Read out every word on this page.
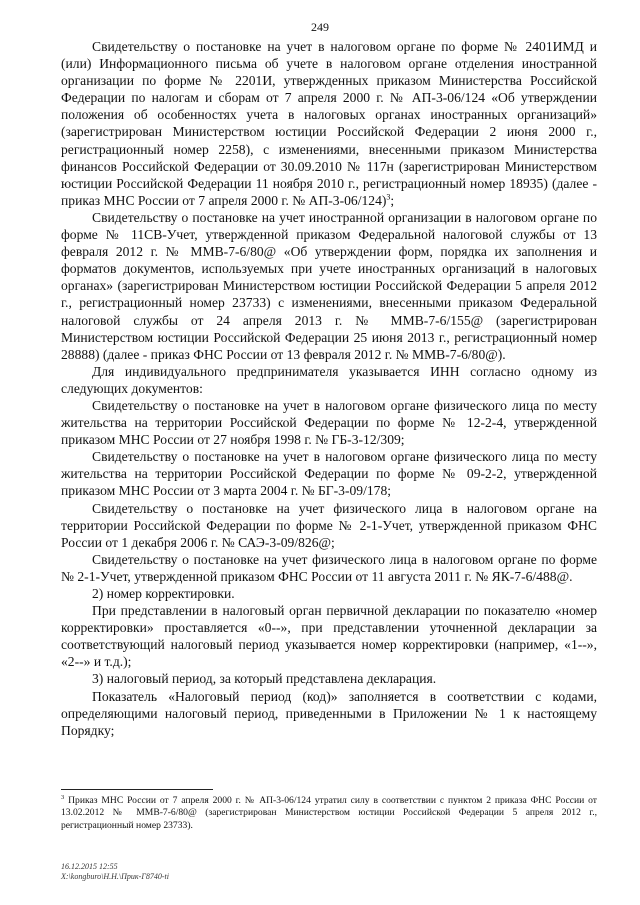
249

Свидетельству о постановке на учет в налоговом органе по форме № 2401ИМД и (или) Информационного письма об учете в налоговом органе отделения иностранной организации по форме № 2201И, утвержденных приказом Министерства Российской Федерации по налогам и сборам от 7 апреля 2000 г. № АП-3-06/124 «Об утверждении положения об особенностях учета в налоговых органах иностранных организаций» (зарегистрирован Министерством юстиции Российской Федерации 2 июня 2000 г., регистрационный номер 2258), с изменениями, внесенными приказом Министерства финансов Российской Федерации от 30.09.2010 № 117н (зарегистрирован Министерством юстиции Российской Федерации 11 ноября 2010 г., регистрационный номер 18935) (далее - приказ МНС России от 7 апреля 2000 г. № АП-3-06/124)$^3$;

Свидетельству о постановке на учет иностранной организации в налоговом органе по форме № 11СВ-Учет, утвержденной приказом Федеральной налоговой службы от 13 февраля 2012 г. № ММВ-7-6/80@ «Об утверждении форм, порядка их заполнения и форматов документов, используемых при учете иностранных организаций в налоговых органах» (зарегистрирован Министерством юстиции Российской Федерации 5 апреля 2012 г., регистрационный номер 23733) с изменениями, внесенными приказом Федеральной налоговой службы от 24 апреля 2013 г. № ММВ-7-6/155@ (зарегистрирован Министерством юстиции Российской Федерации 25 июня 2013 г., регистрационный номер 28888) (далее - приказ ФНС России от 13 февраля 2012 г. № ММВ-7-6/80@).

Для индивидуального предпринимателя указывается ИНН согласно одному из следующих документов:

Свидетельству о постановке на учет в налоговом органе физического лица по месту жительства на территории Российской Федерации по форме № 12-2-4, утвержденной приказом МНС России от 27 ноября 1998 г. № ГБ-3-12/309;

Свидетельству о постановке на учет в налоговом органе физического лица по месту жительства на территории Российской Федерации по форме № 09-2-2, утвержденной приказом МНС России от 3 марта 2004 г. № БГ-3-09/178;

Свидетельству о постановке на учет физического лица в налоговом органе на территории Российской Федерации по форме № 2-1-Учет, утвержденной приказом ФНС России от 1 декабря 2006 г. № САЭ-3-09/826@;

Свидетельству о постановке на учет физического лица в налоговом органе по форме № 2-1-Учет, утвержденной приказом ФНС России от 11 августа 2011 г. № ЯК-7-6/488@.

2) номер корректировки.

При представлении в налоговый орган первичной декларации по показателю «номер корректировки» проставляется «0--», при представлении уточненной декларации за соответствующий налоговый период указывается номер корректировки (например, «1--», «2--» и т.д.);

3) налоговый период, за который представлена декларация.

Показатель «Налоговый период (код)» заполняется в соответствии с кодами, определяющими налоговый период, приведенными в Приложении № 1 к настоящему Порядку;

$^3$ Приказ МНС России от 7 апреля 2000 г. № АП-3-06/124 утратил силу в соответствии с пунктом 2 приказа ФНС России от 13.02.2012 № ММВ-7-6/80@ (зарегистрирован Министерством юстиции Российской Федерации 5 апреля 2012 г., регистрационный номер 23733).
16.12.2015 12:55
X:\kongburo\Н.Н.\Прик-Г8740-ti
